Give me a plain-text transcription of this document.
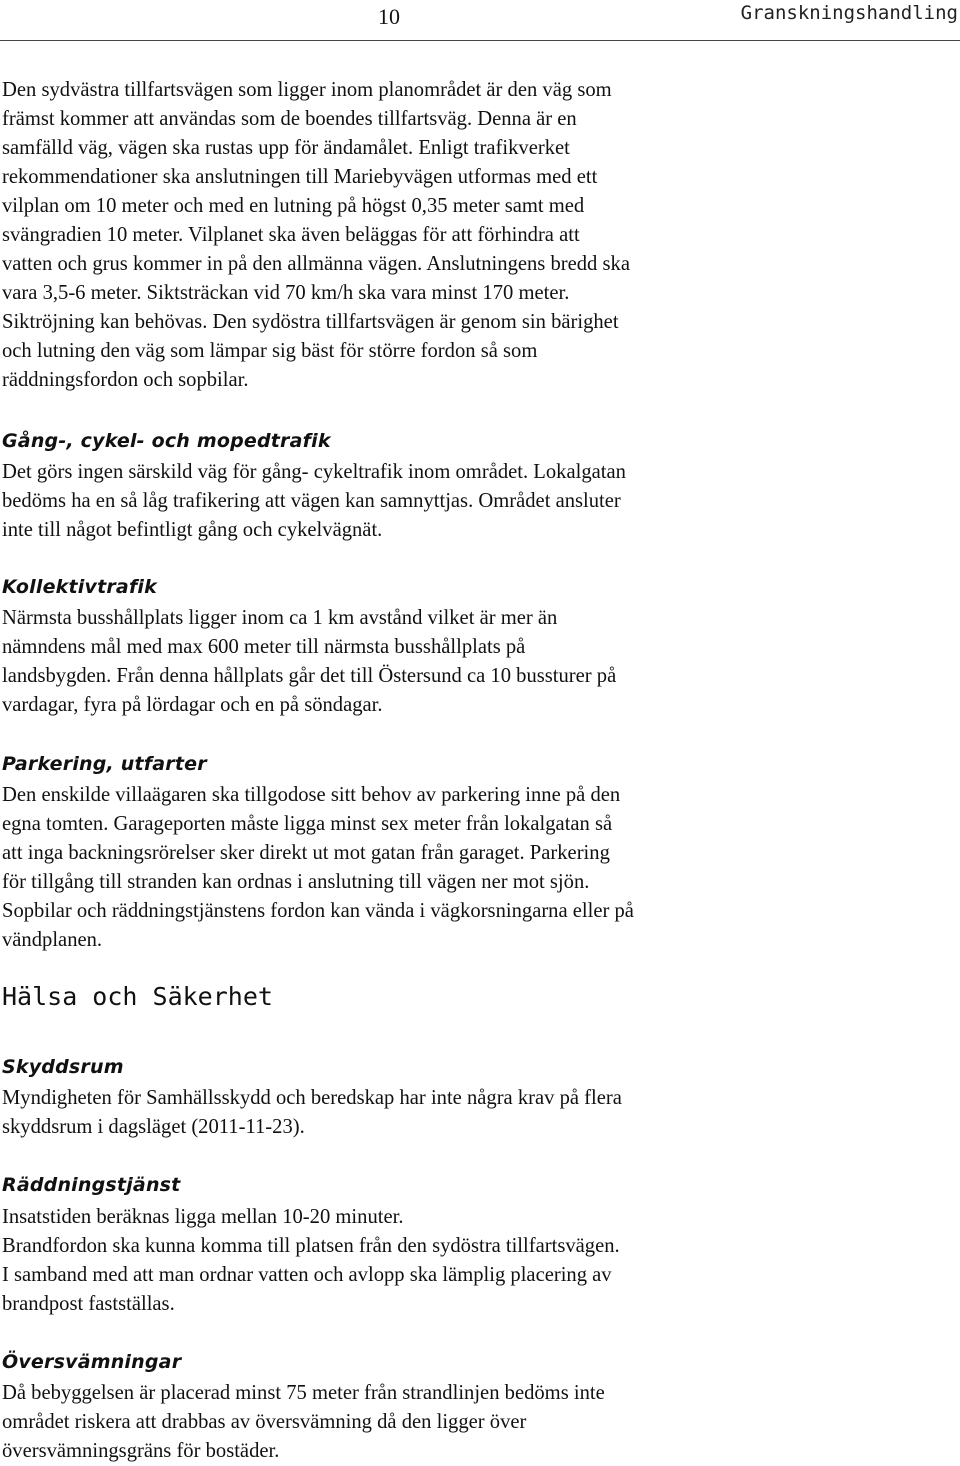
10	Granskningshandling

Den sydvästra tillfartsvägen som ligger inom planområdet är den väg som
främst kommer att användas som de boendes tillfartsväg. Denna är en
samfälld väg, vägen ska rustas upp för ändamålet. Enligt trafikverket
rekommendationer ska anslutningen till Mariebyvägen utformas med ett
vilplan om 10 meter och med en lutning på högst 0,35 meter samt med
svängradien 10 meter. Vilplanet ska även beläggas för att förhindra att
vatten och grus kommer in på den allmänna vägen. Anslutningens bredd ska
vara 3,5-6 meter. Siktsträckan vid 70 km/h ska vara minst 170 meter.
Siktröjning kan behövas. Den sydöstra tillfartsvägen är genom sin bärighet
och lutning den väg som lämpar sig bäst för större fordon så som
räddningsfordon och sopbilar.

Gång-, cykel- och mopedtrafik

Det görs ingen särskild väg för gång- cykeltrafik inom området. Lokalgatan
bedöms ha en så låg trafikering att vägen kan samnyttjas. Området ansluter
inte till något befintligt gång och cykelvägnät.

Kollektivtrafik

Närmsta busshållplats ligger inom ca 1 km avstånd vilket är mer än
nämndens mål med max 600 meter till närmsta busshållplats på
landsbygden. Från denna hållplats går det till Östersund ca 10 bussturer på
vardagar, fyra på lördagar och en på söndagar.

Parkering, utfarter

Den enskilde villaägaren ska tillgodose sitt behov av parkering inne på den
egna tomten. Garageporten måste ligga minst sex meter från lokalgatan så
att inga backningsrörelser sker direkt ut mot gatan från garaget. Parkering
för tillgång till stranden kan ordnas i anslutning till vägen ner mot sjön.
Sopbilar och räddningstjänstens fordon kan vända i vägkorsningarna eller på
vändplanen.

Hälsa och Säkerhet
Skyddsrum

Myndigheten för Samhällsskydd och beredskap har inte några krav på flera
skyddsrum i dagsläget (2011-11-23).

Räddningstjänst

Insatstiden beräknas ligga mellan 10-20 minuter.
Brandfordon ska kunna komma till platsen från den sydöstra tillfartsvägen.
I samband med att man ordnar vatten och avlopp ska lämplig placering av
brandpost fastställas.

Översvämningar

Då bebyggelsen är placerad minst 75 meter från strandlinjen bedöms inte
området riskera att drabbas av översvämning då den ligger över
översvämningsgräns för bostäder.
